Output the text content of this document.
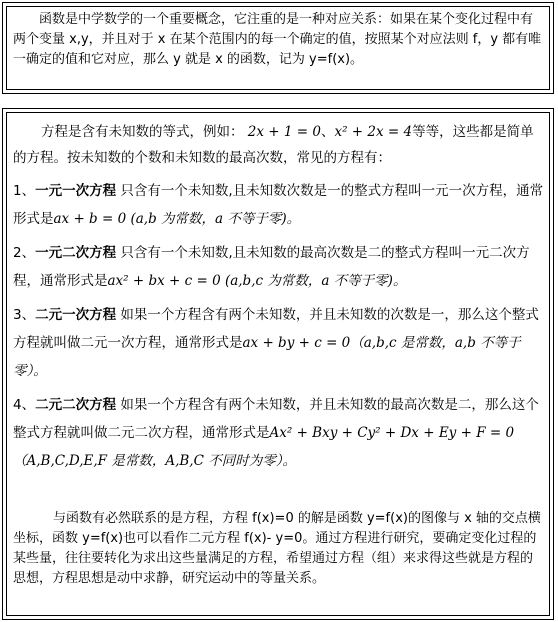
函数是中学数学的一个重要概念，它注重的是一种对应关系：如果在某个变化过程中有两个变量 x,y，并且对于 x 在某个范围内的每一个确定的值，按照某个对应法则 f，y 都有唯一确定的值和它对应，那么 y 就是 x 的函数，记为 y=f(x)。
方程是含有未知数的等式，例如： 2x + 1 = 0、x² + 2x = 4等等，这些都是简单的方程。按未知数的个数和未知数的最高次数，常见的方程有：
1、一元一次方程 只含有一个未知数,且未知数次数是一的整式方程叫一元一次方程，通常形式是ax + b = 0 (a,b 为常数，a 不等于零)。
2、一元二次方程 只含有一个未知数,且未知数的最高次数是二的整式方程叫一元二次方程，通常形式是ax² + bx + c = 0 (a,b,c 为常数，a 不等于零)。
3、二元一次方程 如果一个方程含有两个未知数，并且未知数的次数是一，那么这个整式方程就叫做二元一次方程，通常形式是ax + by + c = 0（a,b,c 是常数，a,b 不等于零）。
4、二元二次方程 如果一个方程含有两个未知数，并且未知数的最高次数是二，那么这个整式方程就叫做二元二次方程，通常形式是Ax² + Bxy + Cy² + Dx + Ey + F = 0（A,B,C,D,E,F 是常数，A,B,C 不同时为零）。
与函数有必然联系的是方程，方程 f(x)=0 的解是函数 y=f(x)的图像与 x 轴的交点横坐标，函数 y=f(x)也可以看作二元方程 f(x)- y=0。通过方程进行研究，要确定变化过程的某些量，往往要转化为求出这些量满足的方程，希望通过方程（组）来求得这些就是方程的思想，方程思想是动中求静，研究运动中的等量关系。
